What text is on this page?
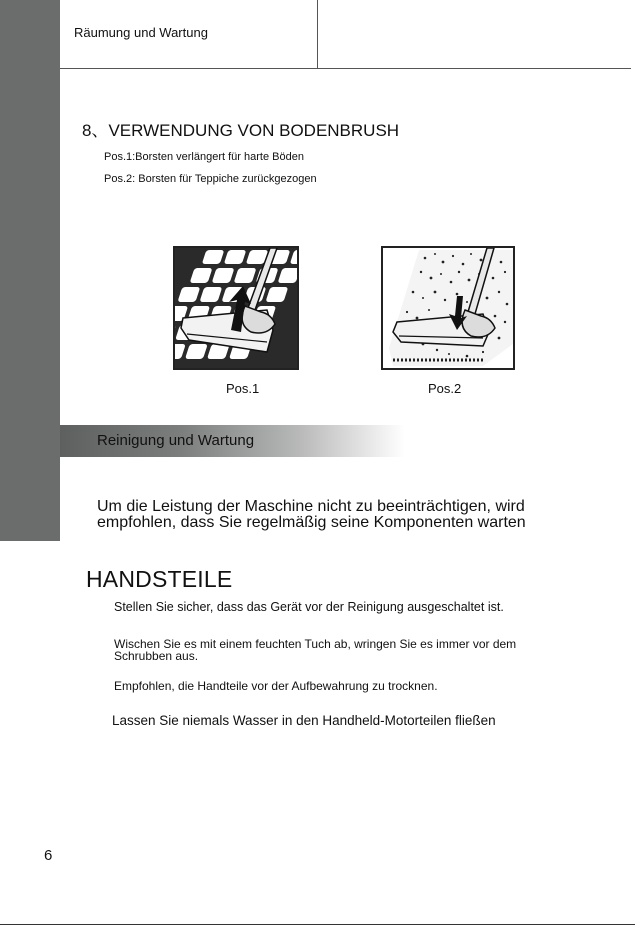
Räumung und Wartung
8、VERWENDUNG VON BODENBRUSH
Pos.1:Borsten verlängert für harte Böden
Pos.2: Borsten für Teppiche zurückgezogen
Pos.1	Pos.2
Reinigung und Wartung
Um die Leistung der Maschine nicht zu beeinträchtigen, wird empfohlen, dass Sie regelmäßig seine Komponenten warten
HANDSTEILE
Stellen Sie sicher, dass das Gerät vor der Reinigung ausgeschaltet ist.
Wischen Sie es mit einem feuchten Tuch ab, wringen Sie es immer vor dem Schrubben aus.
Empfohlen, die Handteile vor der Aufbewahrung zu trocknen.
Lassen Sie niemals Wasser in den Handheld-Motorteilen fließen
6
